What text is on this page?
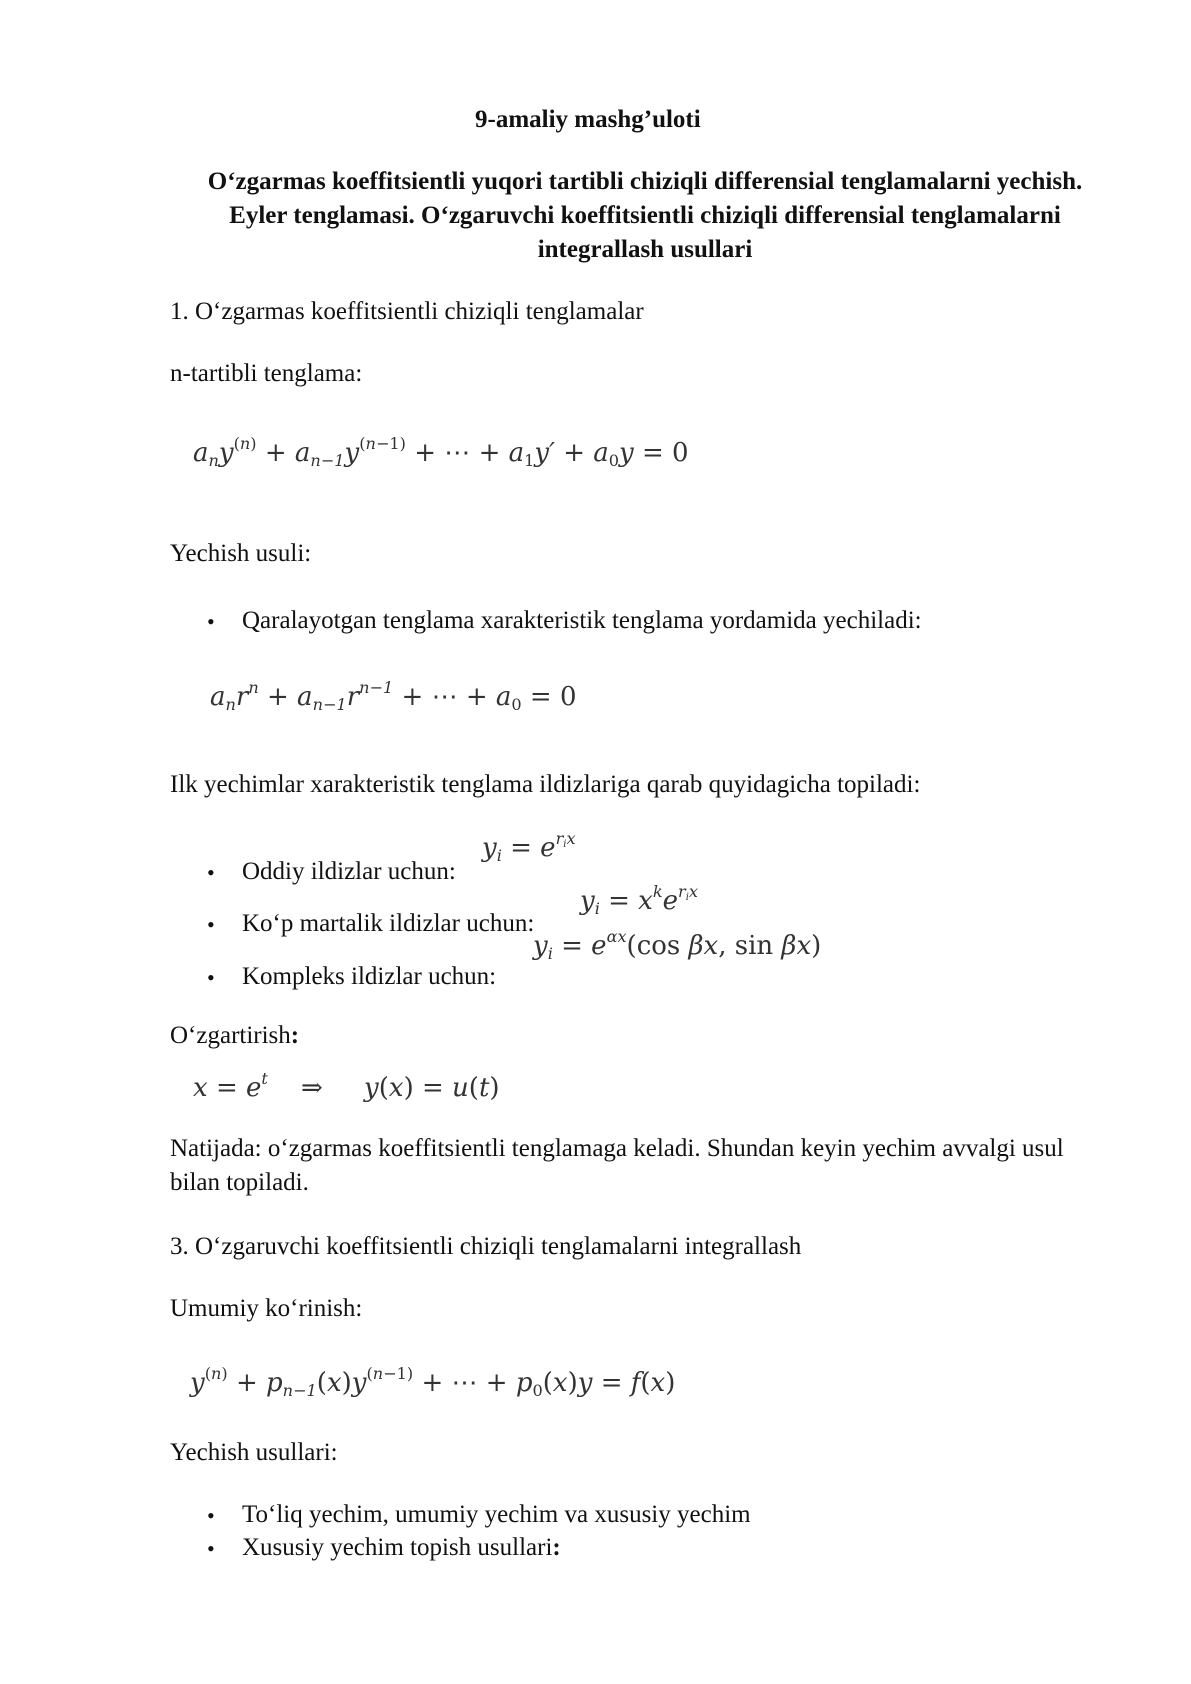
9-amaliy mashg’uloti
O‘zgarmas koeffitsientli yuqori tartibli chiziqli differensial tenglamalarni yechish. Eyler tenglamasi. O‘zgaruvchi koeffitsientli chiziqli differensial tenglamalarni integrallash usullari
1. O‘zgarmas koeffitsientli chiziqli tenglamalar
n-tartibli tenglama:
$a_ny^{(n)} + a_{n-1}y^{(n-1)}$ + ⋯ + $a_1y' + a_0y = 0$
Yechish usuli:
• Qaralayotgan tenglama xarakteristik tenglama yordamida yechiladi:
$a_nr^n + a_{n-1}r^{n-1}$ + ⋯ + $a_0 = 0$
Ilk yechimlar xarakteristik tenglama ildizlariga qarab quyidagicha topiladi:
• Oddiy ildizlar uchun:
$y_i = e^{r_ix}$
• Ko‘p martalik ildizlar uchun:
$y_i = x^ke^{r_ix}$
• Kompleks ildizlar uchun:
$y_i = e^{\alpha x}(\cos$ βx, sin βx)
O‘zgartirish:
$x = e^t$ ⇒     y(x) = u(t)
Natijada: o‘zgarmas koeffitsientli tenglamaga keladi. Shundan keyin yechim avvalgi usul bilan topiladi.
3. O‘zgaruvchi koeffitsientli chiziqli tenglamalarni integrallash
Umumiy ko‘rinish:
$y^{(n)} + p_{n-1}(x)y^{(n-1)}$ + ⋯ + $p_0(x)y = f(x)$
Yechish usullari:
• To‘liq yechim, umumiy yechim va xususiy yechim
• Xususiy yechim topish usullari:
